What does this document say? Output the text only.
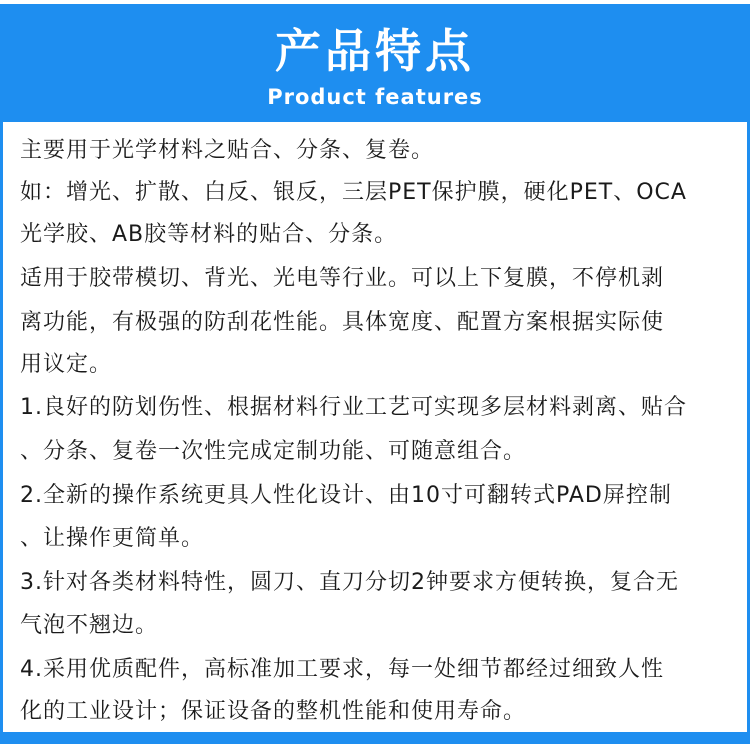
产品特点
Product features
主要用于光学材料之贴合、分条、复卷。
如：增光、扩散、白反、银反，三层PET保护膜，硬化PET、OCA
光学胶、AB胶等材料的贴合、分条。
适用于胶带模切、背光、光电等行业。可以上下复膜，不停机剥
离功能，有极强的防刮花性能。具体宽度、配置方案根据实际使
用议定。
1.良好的防划伤性、根据材料行业工艺可实现多层材料剥离、贴合
、分条、复卷一次性完成定制功能、可随意组合。
2.全新的操作系统更具人性化设计、由10寸可翻转式PAD屏控制
、让操作更简单。
3.针对各类材料特性，圆刀、直刀分切2钟要求方便转换，复合无
气泡不翘边。
4.采用优质配件，高标准加工要求，每一处细节都经过细致人性
化的工业设计；保证设备的整机性能和使用寿命。
